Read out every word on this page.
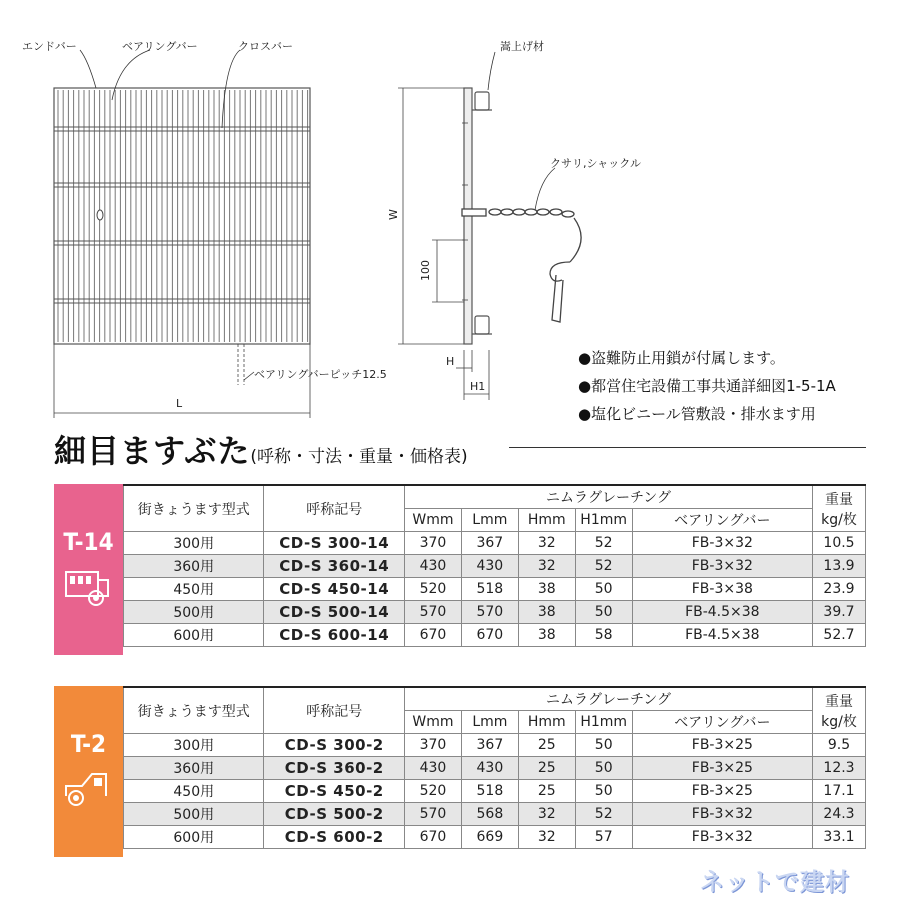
エンドバー	ベアリングバー	クロスバー	嵩上げ材
クサリ,シャックル
W
100
H
H1
L
ベアリングバーピッチ12.5
●盗難防止用鎖が付属します。
●都営住宅設備工事共通詳細図1-5-1A
●塩化ビニール管敷設・排水ます用
細目ますぶた(呼称・寸法・重量・価格表)
T-14
街きょうます型式	呼称記号	ニムラグレーチング					重量
kg/枚
		Wmm	Lmm	Hmm	H1mm	ベアリングバー	
300用	CD-S 300-14	370	367	32	52	FB-3×32	10.5
360用	CD-S 360-14	430	430	32	52	FB-3×32	13.9
450用	CD-S 450-14	520	518	38	50	FB-3×38	23.9
500用	CD-S 500-14	570	570	38	50	FB-4.5×38	39.7
600用	CD-S 600-14	670	670	38	58	FB-4.5×38	52.7
T-2
街きょうます型式	呼称記号	ニムラグレーチング					重量
kg/枚
		Wmm	Lmm	Hmm	H1mm	ベアリングバー	
300用	CD-S 300-2	370	367	25	50	FB-3×25	9.5
360用	CD-S 360-2	430	430	25	50	FB-3×25	12.3
450用	CD-S 450-2	520	518	25	50	FB-3×25	17.1
500用	CD-S 500-2	570	568	32	52	FB-3×32	24.3
600用	CD-S 600-2	670	669	32	57	FB-3×32	33.1
ネットで建材
